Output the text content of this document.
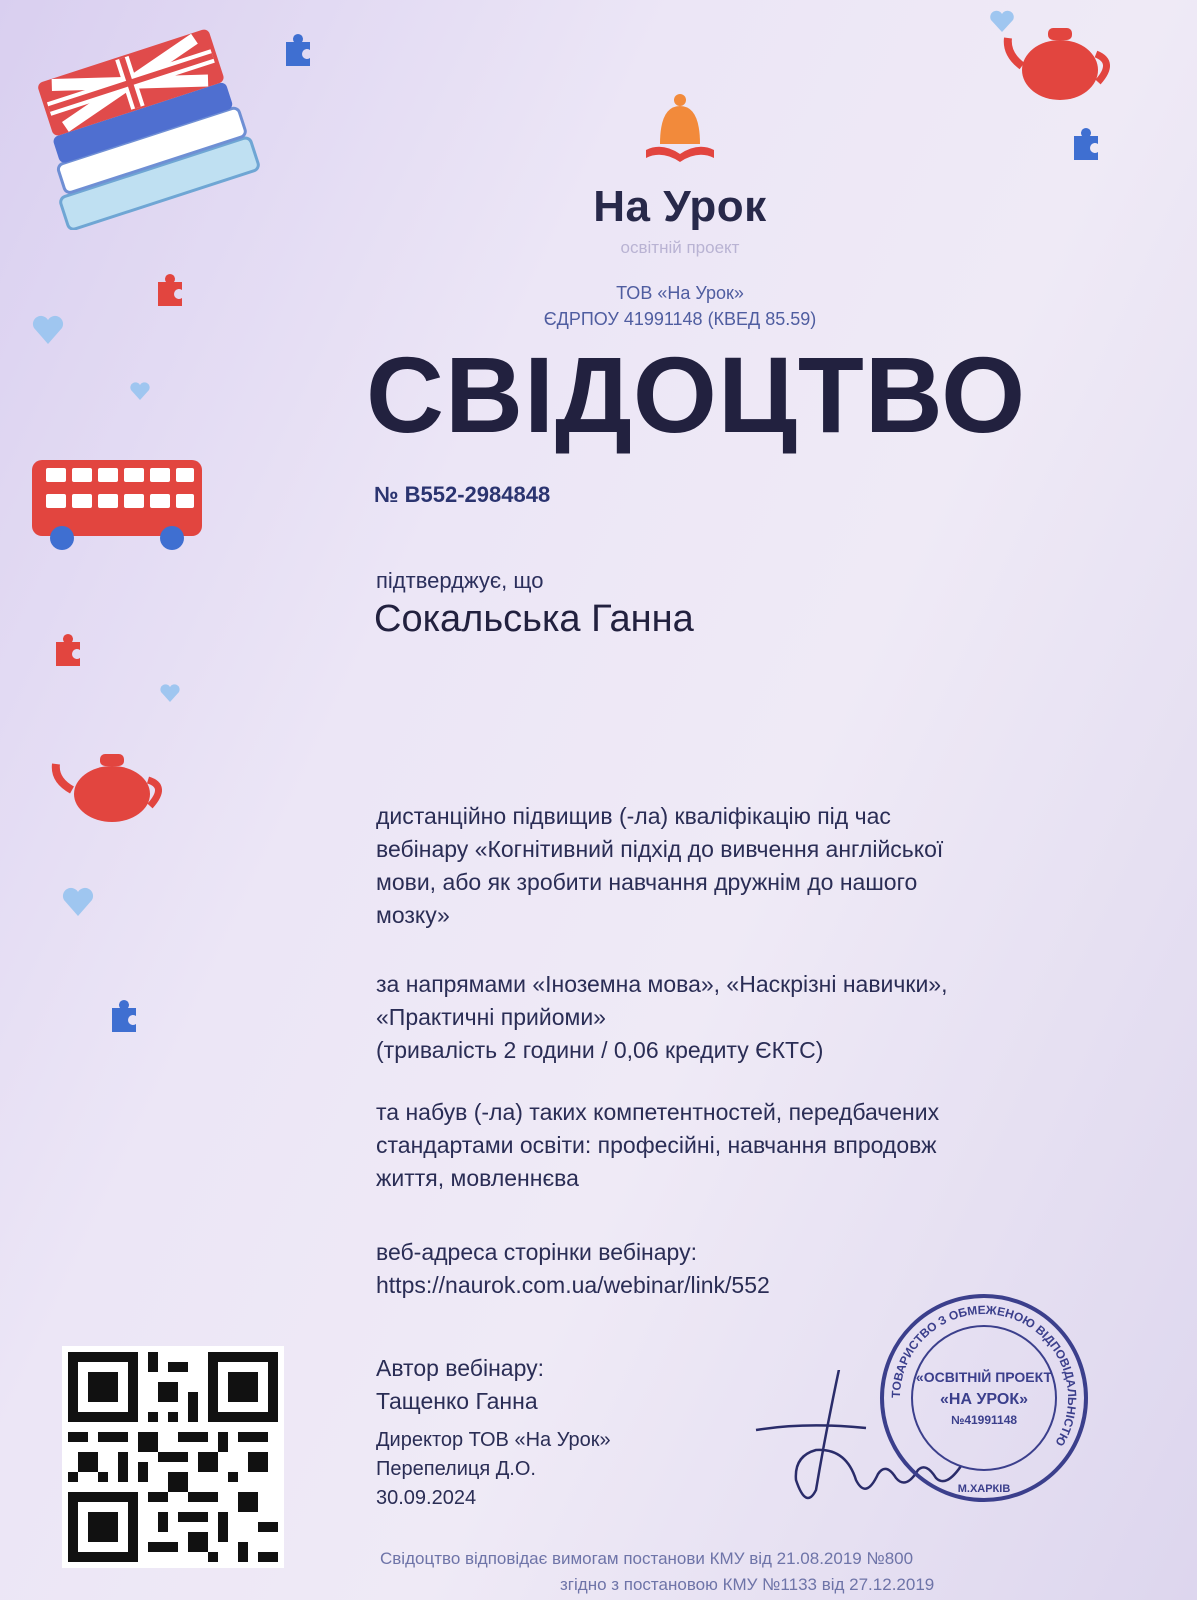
На Урок
освітній проект
ТОВ «На Урок»
ЄДРПОУ 41991148 (КВЕД 85.59)
СВІДОЦТВО
№ B552-2984848
підтверджує, що
Сокальська Ганна
дистанційно підвищив (-ла) кваліфікацію під час
вебінару «Когнітивний підхід до вивчення англійської
мови, або як зробити навчання дружнім до нашого
мозку»
за напрямами «Іноземна мова», «Наскрізні навички»,
«Практичні прийоми»
(тривалість 2 години / 0,06 кредиту ЄКТС)
та набув (-ла) таких компетентностей, передбачених
стандартами освіти: професійні, навчання впродовж
життя, мовленнєва
веб-адреса сторінки вебінару:
https://naurok.com.ua/webinar/link/552
Автор вебінару:
Тащенко Ганна
Директор ТОВ «На Урок»
Перепелиця Д.О.
30.09.2024
ТОВАРИСТВО З ОБМЕЖЕНОЮ ВІДПОВІДАЛЬНІСТЮ
М.ХАРКІВ
«ОСВІТНІЙ ПРОЕКТ
«НА УРОК»
№41991148
Свідоцтво відповідає вимогам постанови КМУ від 21.08.2019 №800
згідно з постановою КМУ №1133 від 27.12.2019
